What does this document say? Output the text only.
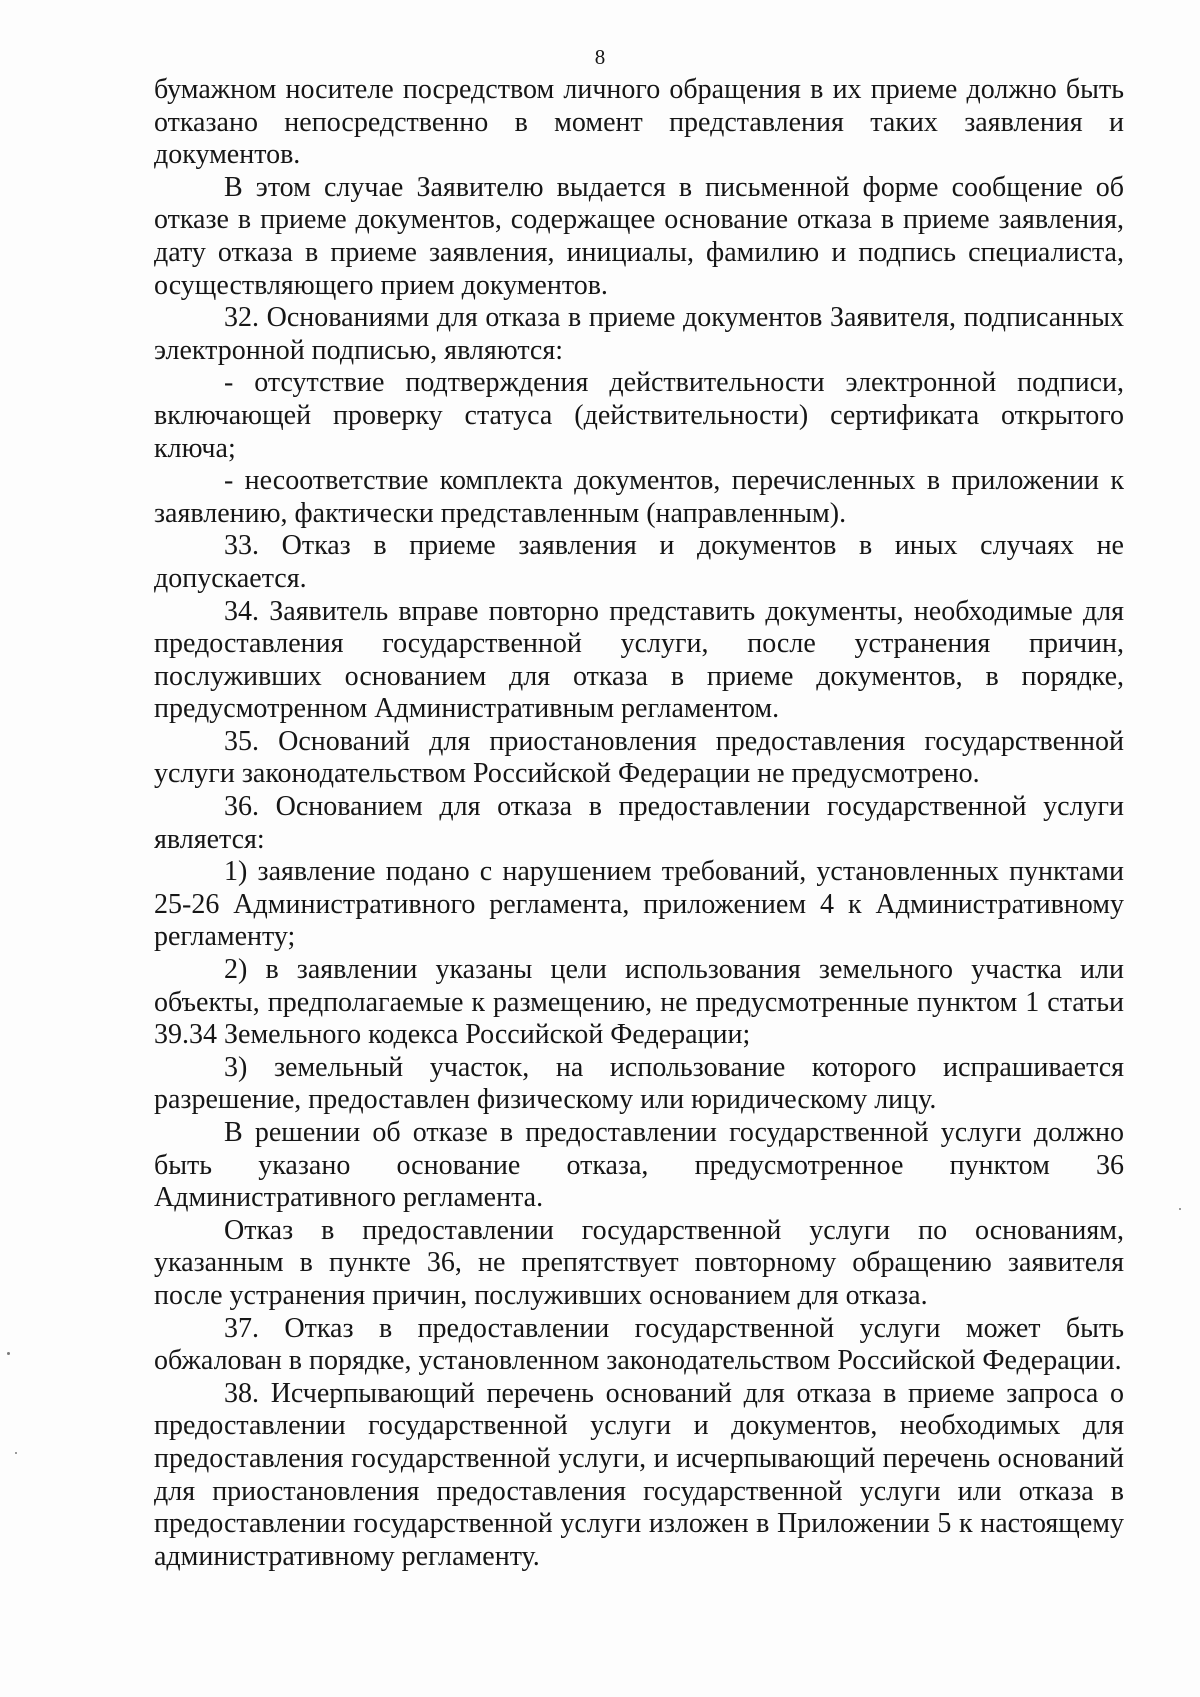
8

бумажном носителе посредством личного обращения в их приеме должно быть отказано непосредственно в момент представления таких заявления и документов.

В этом случае Заявителю выдается в письменной форме сообщение об отказе в приеме документов, содержащее основание отказа в приеме заявления, дату отказа в приеме заявления, инициалы, фамилию и подпись специалиста, осуществляющего прием документов.

32. Основаниями для отказа в приеме документов Заявителя, подписанных электронной подписью, являются:

- отсутствие подтверждения действительности электронной подписи, включающей проверку статуса (действительности) сертификата открытого ключа;

- несоответствие комплекта документов, перечисленных в приложении к заявлению, фактически представленным (направленным).

33. Отказ в приеме заявления и документов в иных случаях не допускается.

34. Заявитель вправе повторно представить документы, необходимые для предоставления государственной услуги, после устранения причин, послуживших основанием для отказа в приеме документов, в порядке, предусмотренном Административным регламентом.

35. Оснований для приостановления предоставления государственной услуги законодательством Российской Федерации не предусмотрено.

36. Основанием для отказа в предоставлении государственной услуги является:

1) заявление подано с нарушением требований, установленных пунктами 25-26 Административного регламента, приложением 4 к Административному регламенту;

2) в заявлении указаны цели использования земельного участка или объекты, предполагаемые к размещению, не предусмотренные пунктом 1 статьи 39.34 Земельного кодекса Российской Федерации;

3) земельный участок, на использование которого испрашивается разрешение, предоставлен физическому или юридическому лицу.

В решении об отказе в предоставлении государственной услуги должно быть указано основание отказа, предусмотренное пунктом 36 Административного регламента.

Отказ в предоставлении государственной услуги по основаниям, указанным в пункте 36, не препятствует повторному обращению заявителя после устранения причин, послуживших основанием для отказа.

37. Отказ в предоставлении государственной услуги может быть обжалован в порядке, установленном законодательством Российской Федерации.

38. Исчерпывающий перечень оснований для отказа в приеме запроса о предоставлении государственной услуги и документов, необходимых для предоставления государственной услуги, и исчерпывающий перечень оснований для приостановления предоставления государственной услуги или отказа в предоставлении государственной услуги изложен в Приложении 5 к настоящему административному регламенту.
